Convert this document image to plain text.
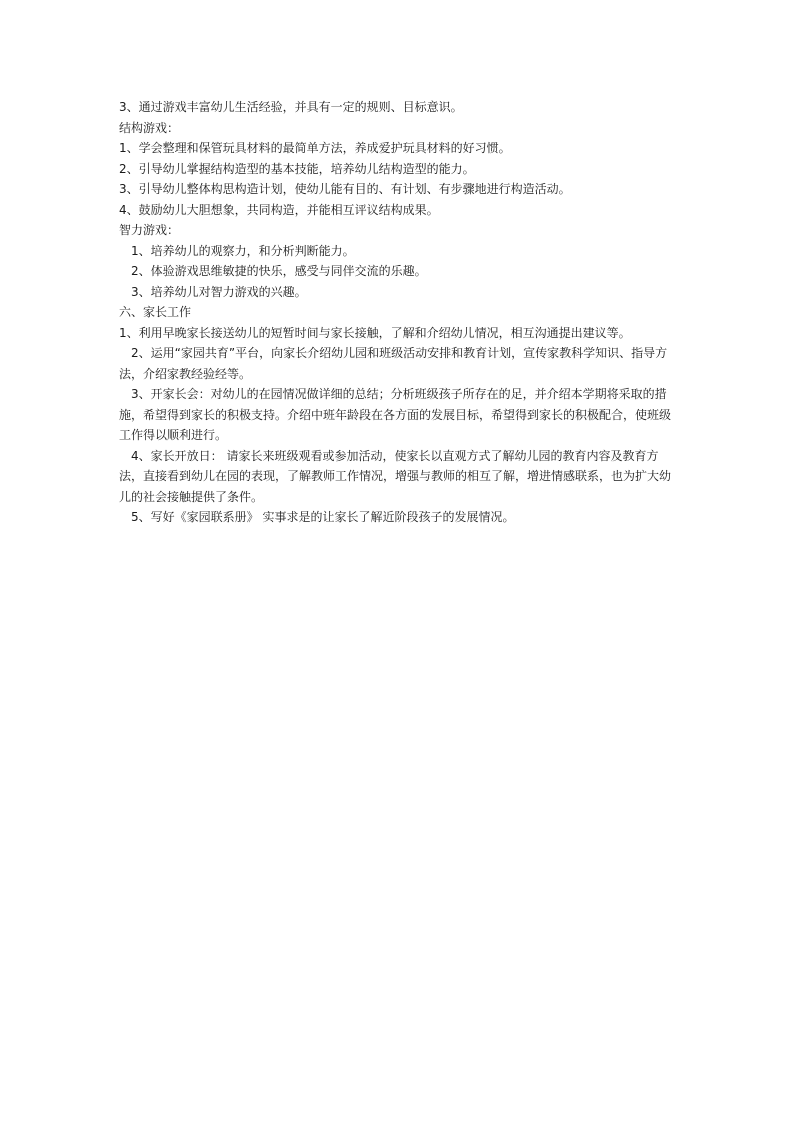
3、通过游戏丰富幼儿生活经验，并具有一定的规则、目标意识。

结构游戏：

1、学会整理和保管玩具材料的最简单方法，养成爱护玩具材料的好习惯。

2、引导幼儿掌握结构造型的基本技能，培养幼儿结构造型的能力。

3、引导幼儿整体构思构造计划，使幼儿能有目的、有计划、有步骤地进行构造活动。

4、鼓励幼儿大胆想象，共同构造，并能相互评议结构成果。

智力游戏：

1、培养幼儿的观察力，和分析判断能力。

2、体验游戏思维敏捷的快乐，感受与同伴交流的乐趣。

3、培养幼儿对智力游戏的兴趣。

六、家长工作

1、利用早晚家长接送幼儿的短暂时间与家长接触，了解和介绍幼儿情况，相互沟通提出建议等。

2、运用“家园共育”平台，向家长介绍幼儿园和班级活动安排和教育计划，宣传家教科学知识、指导方法，介绍家教经验经等。

3、开家长会：对幼儿的在园情况做详细的总结；分析班级孩子所存在的足，并介绍本学期将采取的措施，希望得到家长的积极支持。介绍中班年龄段在各方面的发展目标，希望得到家长的积极配合，使班级工作得以顺利进行。

4、家长开放日： 请家长来班级观看或参加活动，使家长以直观方式了解幼儿园的教育内容及教育方法，直接看到幼儿在园的表现，了解教师工作情况，增强与教师的相互了解，增进情感联系，也为扩大幼儿的社会接触提供了条件。

5、写好《家园联系册》 实事求是的让家长了解近阶段孩子的发展情况。
